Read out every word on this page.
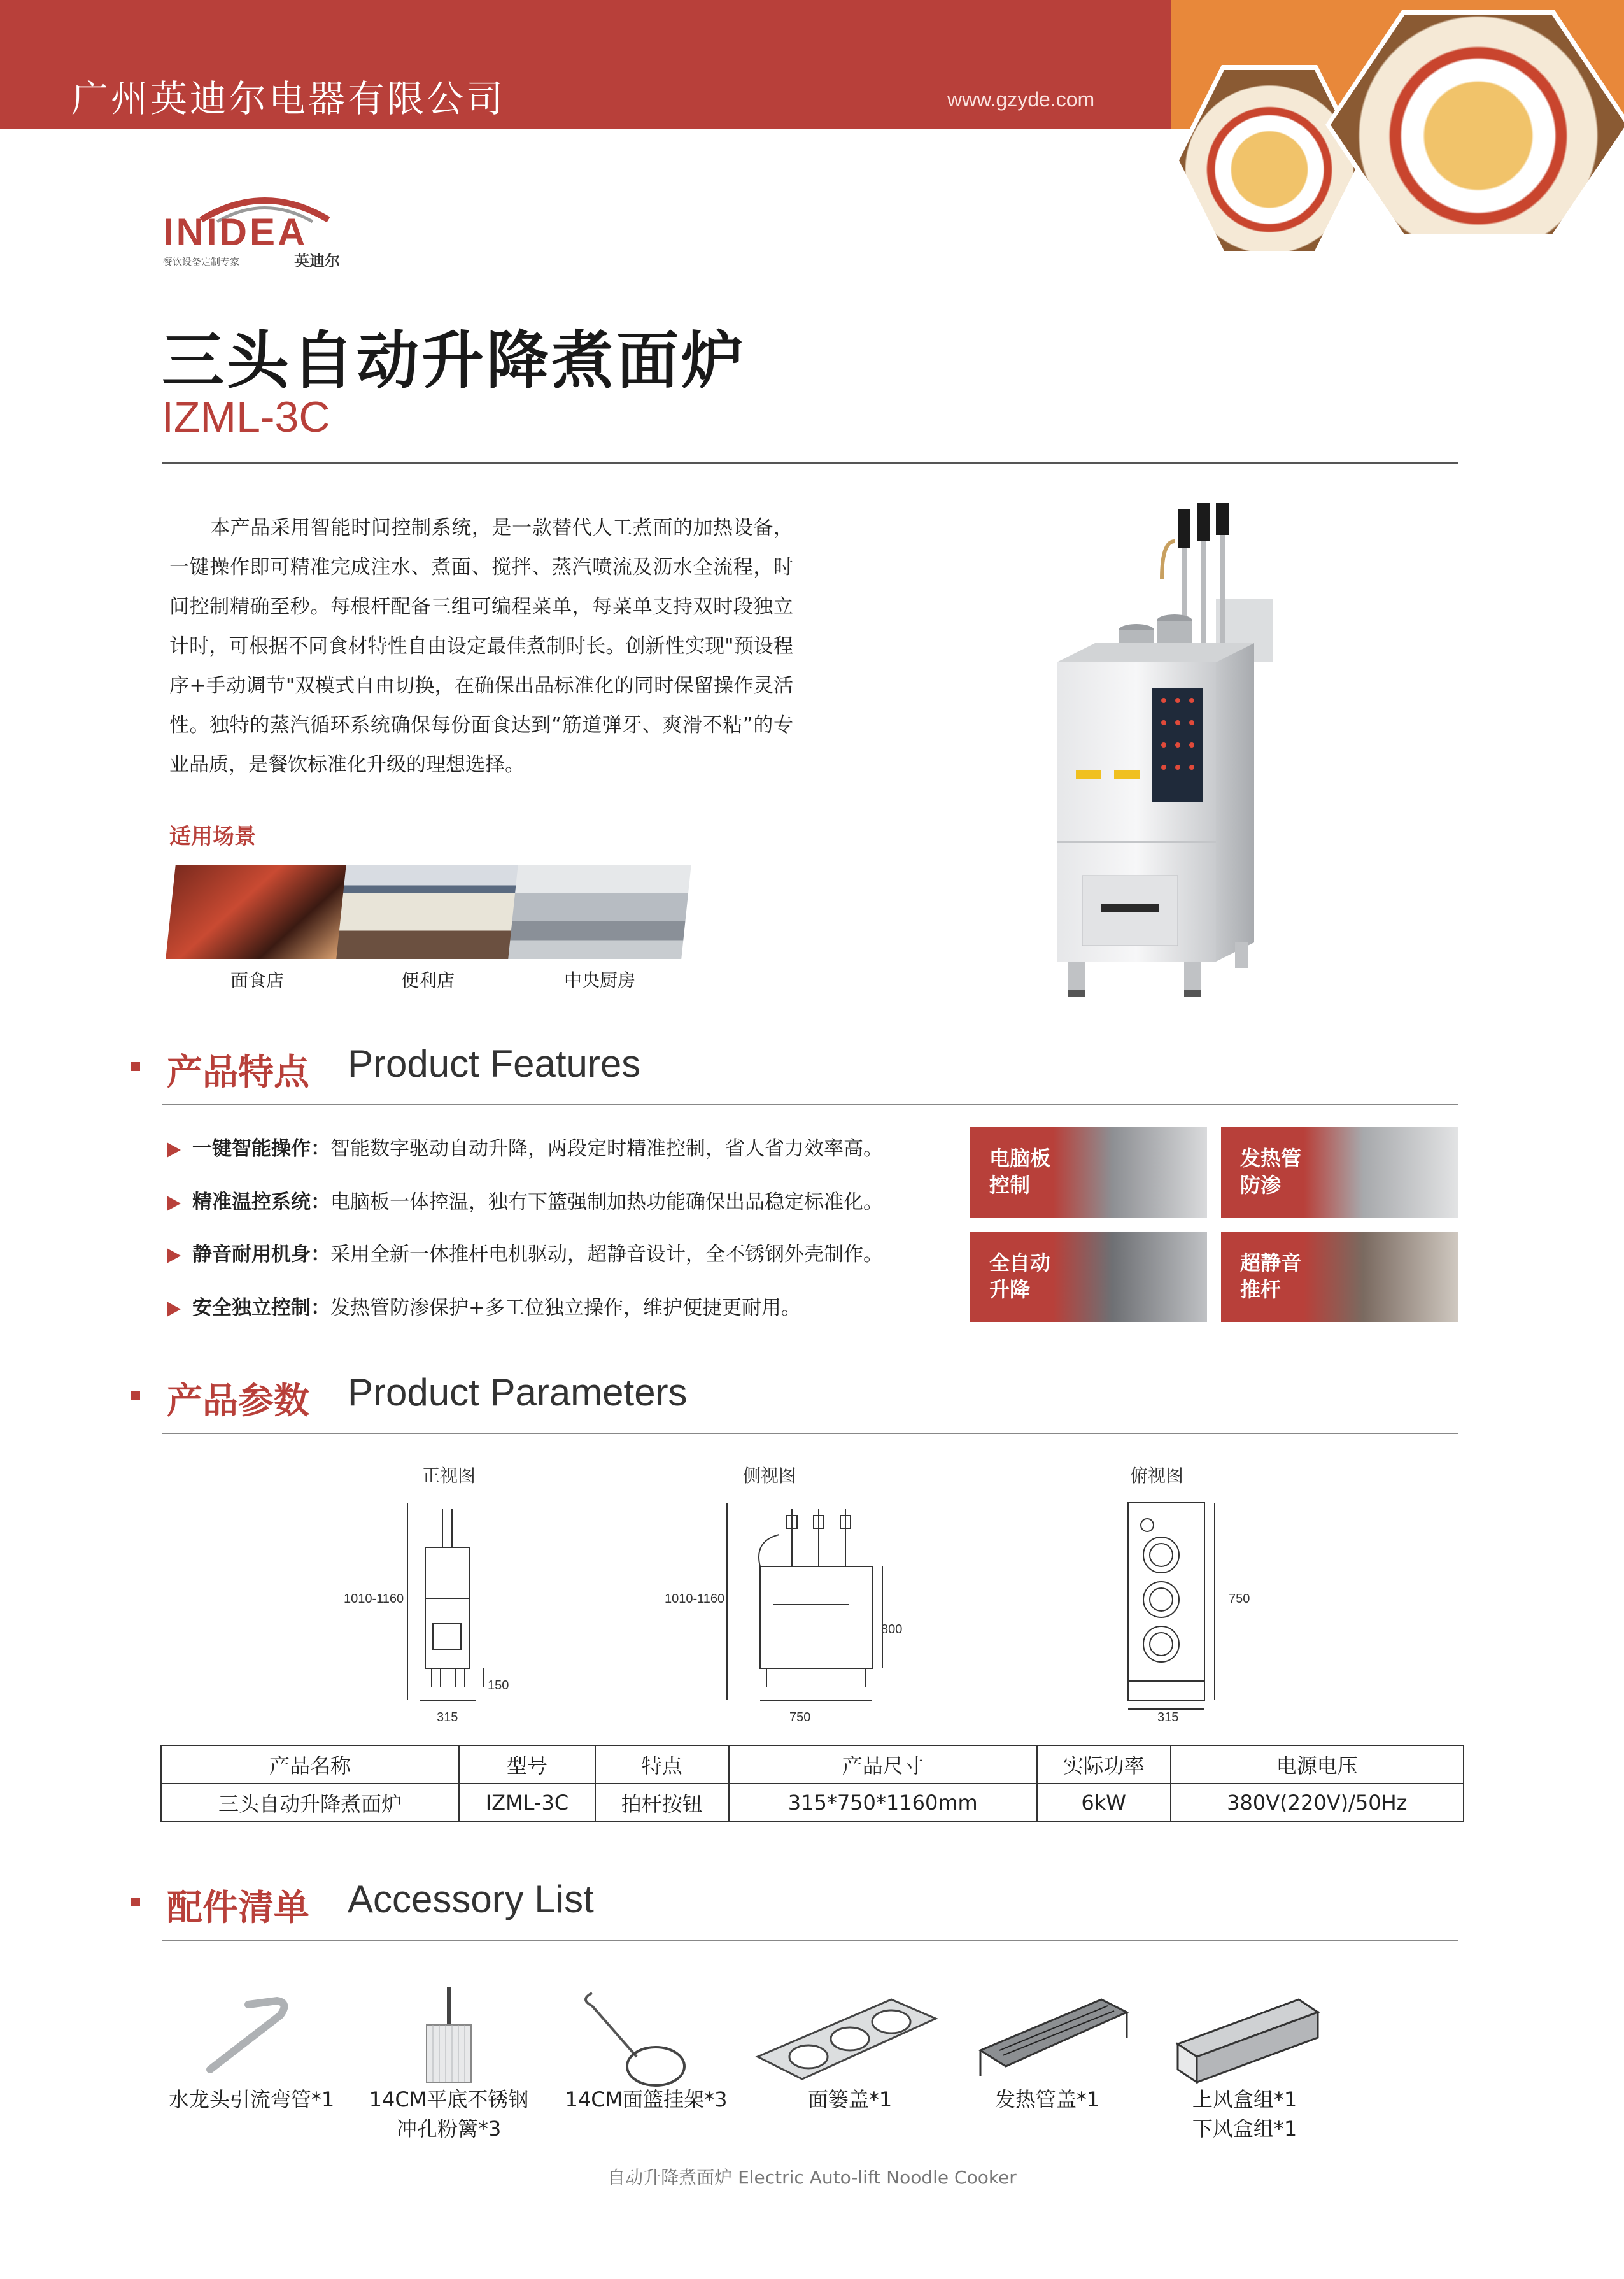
广州英迪尔电器有限公司	www.gzyde.com
INIDEA
餐饮设备定制专家	英迪尔
三头自动升降煮面炉
IZML-3C
本产品采用智能时间控制系统，是一款替代人工煮面的加热设备，一键操作即可精准完成注水、煮面、搅拌、蒸汽喷流及沥水全流程，时间控制精确至秒。每根杆配备三组可编程菜单，每菜单支持双时段独立计时，可根据不同食材特性自由设定最佳煮制时长。创新性实现"预设程序+手动调节"双模式自由切换，在确保出品标准化的同时保留操作灵活性。独特的蒸汽循环系统确保每份面食达到“筋道弹牙、爽滑不粘”的专业品质，是餐饮标准化升级的理想选择。
适用场景
面食店	便利店	中央厨房
产品特点 Product Features
一键智能操作：智能数字驱动自动升降，两段定时精准控制，省人省力效率高。
精准温控系统：电脑板一体控温，独有下篮强制加热功能确保出品稳定标准化。
静音耐用机身：采用全新一体推杆电机驱动，超静音设计，全不锈钢外壳制作。
安全独立控制：发热管防渗保护+多工位独立操作，维护便捷更耐用。
电脑板
控制
发热管
防渗
全自动
升降
超静音
推杆
产品参数 Product Parameters
正视图	侧视图	俯视图
1010-1160
315
150
1010-1160
750
800
750
315
产品名称	型号	特点	产品尺寸	实际功率	电源电压
三头自动升降煮面炉	IZML-3C	拍杆按钮	315*750*1160mm	6kW	380V(220V)/50Hz
配件清单 Accessory List
水龙头引流弯管*1	14CM平底不锈钢
冲孔粉篱*3
14CM面篮挂架*3	面篓盖*1	发热管盖*1	上风盒组*1
下风盒组*1
自动升降煮面炉 Electric Auto-lift Noodle Cooker
